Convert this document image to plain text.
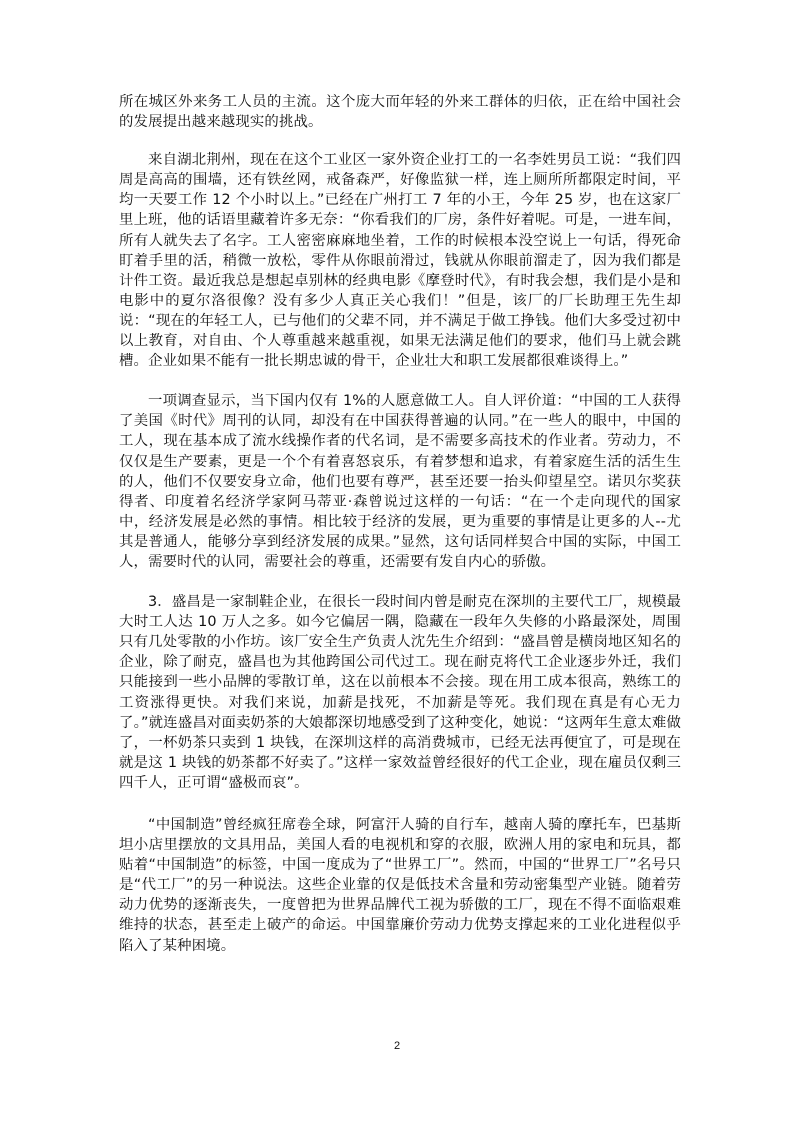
所在城区外来务工人员的主流。这个庞大而年轻的外来工群体的归依，正在给中国社会的发展提出越来越现实的挑战。

来自湖北荆州，现在在这个工业区一家外资企业打工的一名李姓男员工说：“我们四周是高高的围墙，还有铁丝网，戒备森严，好像监狱一样，连上厕所所都限定时间，平均一天要工作 12 个小时以上。”已经在广州打工 7 年的小王，今年 25 岁，也在这家厂里上班，他的话语里藏着许多无奈：“你看我们的厂房，条件好着呢。可是，一进车间，所有人就失去了名字。工人密密麻麻地坐着，工作的时候根本没空说上一句话，得死命盯着手里的活，稍微一放松，零件从你眼前滑过，钱就从你眼前溜走了，因为我们都是计件工资。最近我总是想起卓别林的经典电影《摩登时代》，有时我会想，我们是小是和电影中的夏尔洛很像？没有多少人真正关心我们！”但是，该厂的厂长助理王先生却说：“现在的年轻工人，已与他们的父辈不同，并不满足于做工挣钱。他们大多受过初中以上教育，对自由、个人尊重越来越重视，如果无法满足他们的要求，他们马上就会跳槽。企业如果不能有一批长期忠诚的骨干，企业壮大和职工发展都很难谈得上。”

一项调查显示，当下国内仅有 1%的人愿意做工人。自人评价道：“中国的工人获得了美国《时代》周刊的认同，却没有在中国获得普遍的认同。”在一些人的眼中，中国的工人，现在基本成了流水线操作者的代名词，是不需要多高技术的作业者。劳动力，不仅仅是生产要素，更是一个个有着喜怒哀乐，有着梦想和追求，有着家庭生活的活生生的人，他们不仅要安身立命，他们也要有尊严，甚至还要一抬头仰望星空。诺贝尔奖获得者、印度着名经济学家阿马蒂亚·森曾说过这样的一句话：“在一个走向现代的国家中，经济发展是必然的事情。相比较于经济的发展，更为重要的事情是让更多的人--尤其是普通人，能够分享到经济发展的成果。”显然，这句话同样契合中国的实际，中国工人，需要时代的认同，需要社会的尊重，还需要有发自内心的骄傲。

3．盛昌是一家制鞋企业，在很长一段时间内曾是耐克在深圳的主要代工厂，规模最大时工人达 10 万人之多。如今它偏居一隅，隐藏在一段年久失修的小路最深处，周围只有几处零散的小作坊。该厂安全生产负责人沈先生介绍到：“盛昌曾是横岗地区知名的企业，除了耐克，盛昌也为其他跨国公司代过工。现在耐克将代工企业逐步外迁，我们只能接到一些小品牌的零散订单，这在以前根本不会接。现在用工成本很高，熟练工的工资涨得更快。对我们来说，加薪是找死，不加薪是等死。我们现在真是有心无力了。”就连盛昌对面卖奶茶的大娘都深切地感受到了这种变化，她说：“这两年生意太难做了，一杯奶茶只卖到 1 块钱，在深圳这样的高消费城市，已经无法再便宜了，可是现在就是这 1 块钱的奶茶都不好卖了。”这样一家效益曾经很好的代工企业，现在雇员仅剩三四千人，正可谓“盛极而哀”。

“中国制造”曾经疯狂席卷全球，阿富汗人骑的自行车，越南人骑的摩托车，巴基斯坦小店里摆放的文具用品，美国人看的电视机和穿的衣服，欧洲人用的家电和玩具，都贴着“中国制造”的标签，中国一度成为了“世界工厂”。然而，中国的“世界工厂”名号只是“代工厂”的另一种说法。这些企业靠的仅是低技术含量和劳动密集型产业链。随着劳动力优势的逐渐丧失，一度曾把为世界品牌代工视为骄傲的工厂，现在不得不面临艰难维持的状态，甚至走上破产的命运。中国靠廉价劳动力优势支撑起来的工业化进程似乎陷入了某种困境。

2
